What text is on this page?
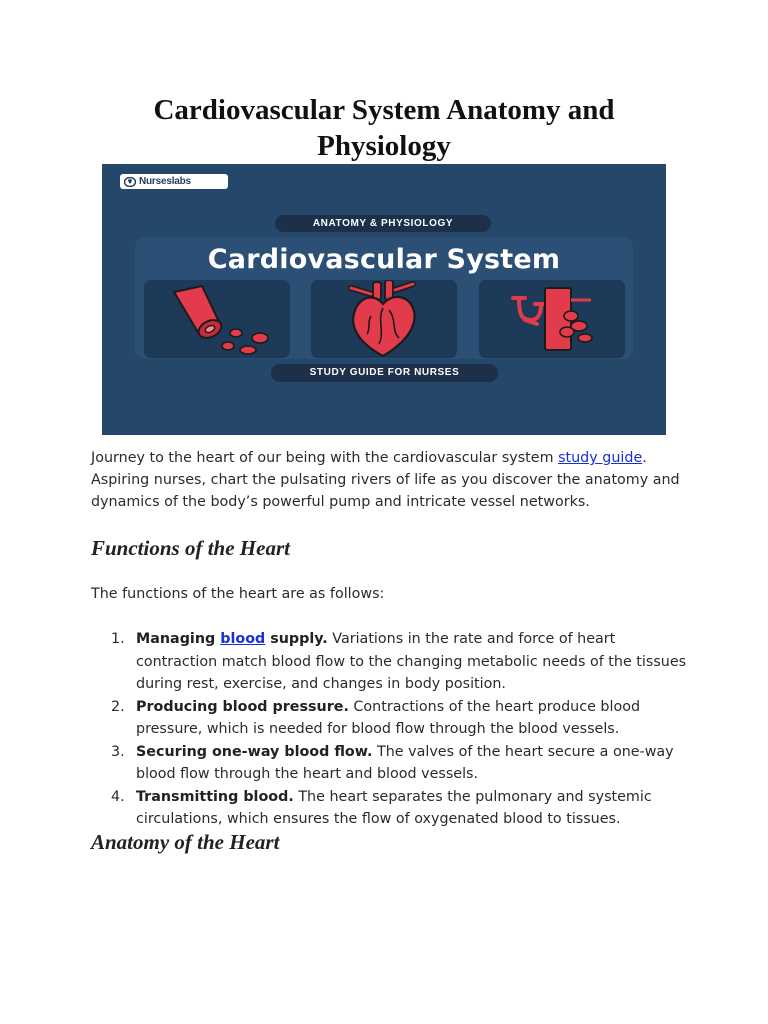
Cardiovascular System Anatomy and
Physiology
Nurseslabs
ANATOMY & PHYSIOLOGY
Cardiovascular System
STUDY GUIDE FOR NURSES

Journey to the heart of our being with the cardiovascular system study guide. Aspiring nurses, chart the pulsating rivers of life as you discover the anatomy and dynamics of the body’s powerful pump and intricate vessel networks.

Functions of the Heart

The functions of the heart are as follows:

1. Managing blood supply. Variations in the rate and force of heart contraction match blood flow to the changing metabolic needs of the tissues during rest, exercise, and changes in body position.
2. Producing blood pressure. Contractions of the heart produce blood pressure, which is needed for blood flow through the blood vessels.
3. Securing one-way blood flow. The valves of the heart secure a one-way blood flow through the heart and blood vessels.
4. Transmitting blood. The heart separates the pulmonary and systemic circulations, which ensures the flow of oxygenated blood to tissues.
Anatomy of the Heart
